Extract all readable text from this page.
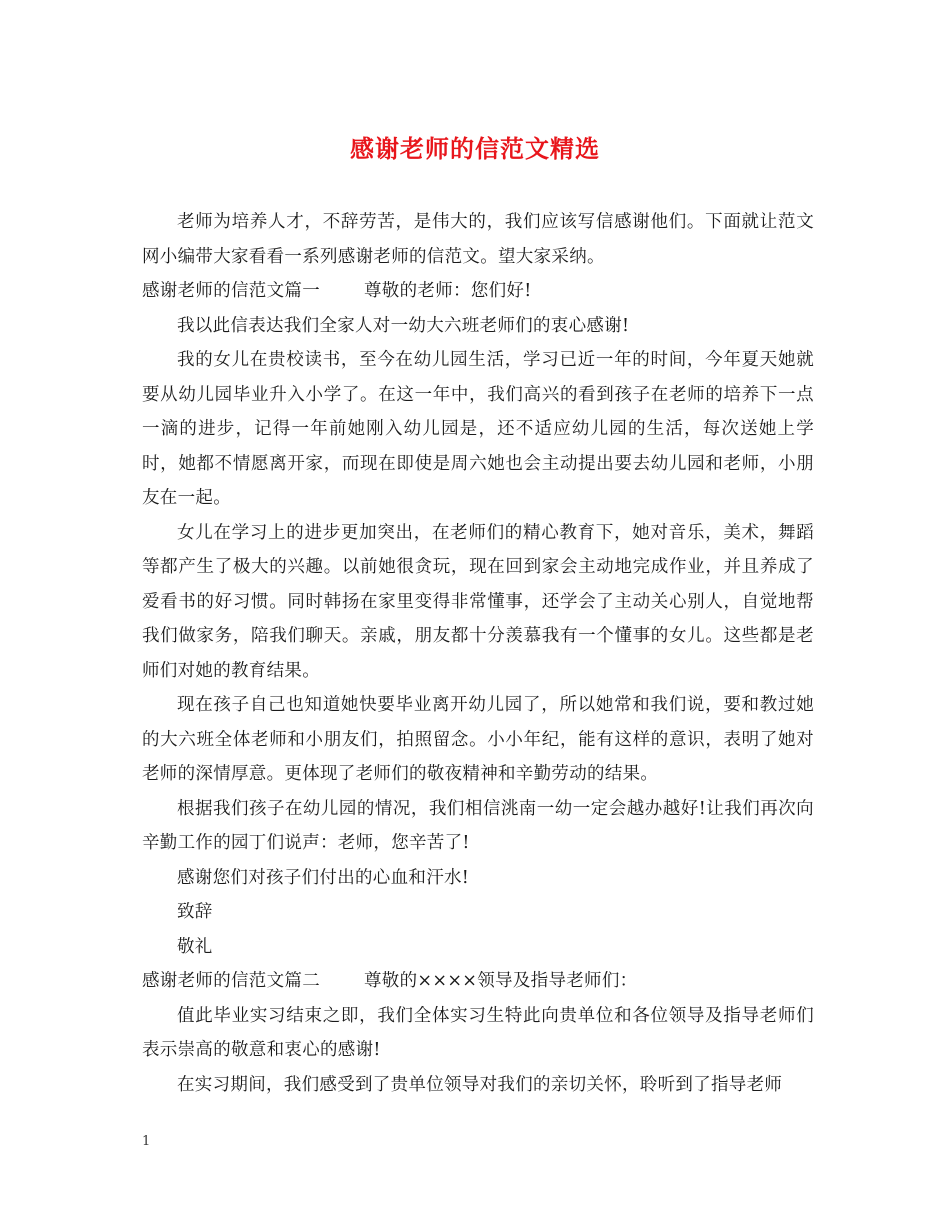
感谢老师的信范文精选

老师为培养人才，不辞劳苦，是伟大的，我们应该写信感谢他们。下面就让范文网小编带大家看看一系列感谢老师的信范文。望大家采纳。

感谢老师的信范文篇一	尊敬的老师：您们好!

我以此信表达我们全家人对一幼大六班老师们的衷心感谢!

我的女儿在贵校读书，至今在幼儿园生活，学习已近一年的时间，今年夏天她就要从幼儿园毕业升入小学了。在这一年中，我们高兴的看到孩子在老师的培养下一点一滴的进步，记得一年前她刚入幼儿园是，还不适应幼儿园的生活，每次送她上学时，她都不情愿离开家，而现在即使是周六她也会主动提出要去幼儿园和老师，小朋友在一起。

女儿在学习上的进步更加突出，在老师们的精心教育下，她对音乐，美术，舞蹈等都产生了极大的兴趣。以前她很贪玩，现在回到家会主动地完成作业，并且养成了爱看书的好习惯。同时韩扬在家里变得非常懂事，还学会了主动关心别人，自觉地帮我们做家务，陪我们聊天。亲戚，朋友都十分羡慕我有一个懂事的女儿。这些都是老师们对她的教育结果。

现在孩子自己也知道她快要毕业离开幼儿园了，所以她常和我们说，要和教过她的大六班全体老师和小朋友们，拍照留念。小小年纪，能有这样的意识，表明了她对老师的深情厚意。更体现了老师们的敬夜精神和辛勤劳动的结果。

根据我们孩子在幼儿园的情况，我们相信洮南一幼一定会越办越好!让我们再次向辛勤工作的园丁们说声：老师，您辛苦了!

感谢您们对孩子们付出的心血和汗水!

致辞

敬礼

感谢老师的信范文篇二	尊敬的××××领导及指导老师们：

值此毕业实习结束之即，我们全体实习生特此向贵单位和各位领导及指导老师们表示崇高的敬意和衷心的感谢!

在实习期间，我们感受到了贵单位领导对我们的亲切关怀，聆听到了指导老师

1
